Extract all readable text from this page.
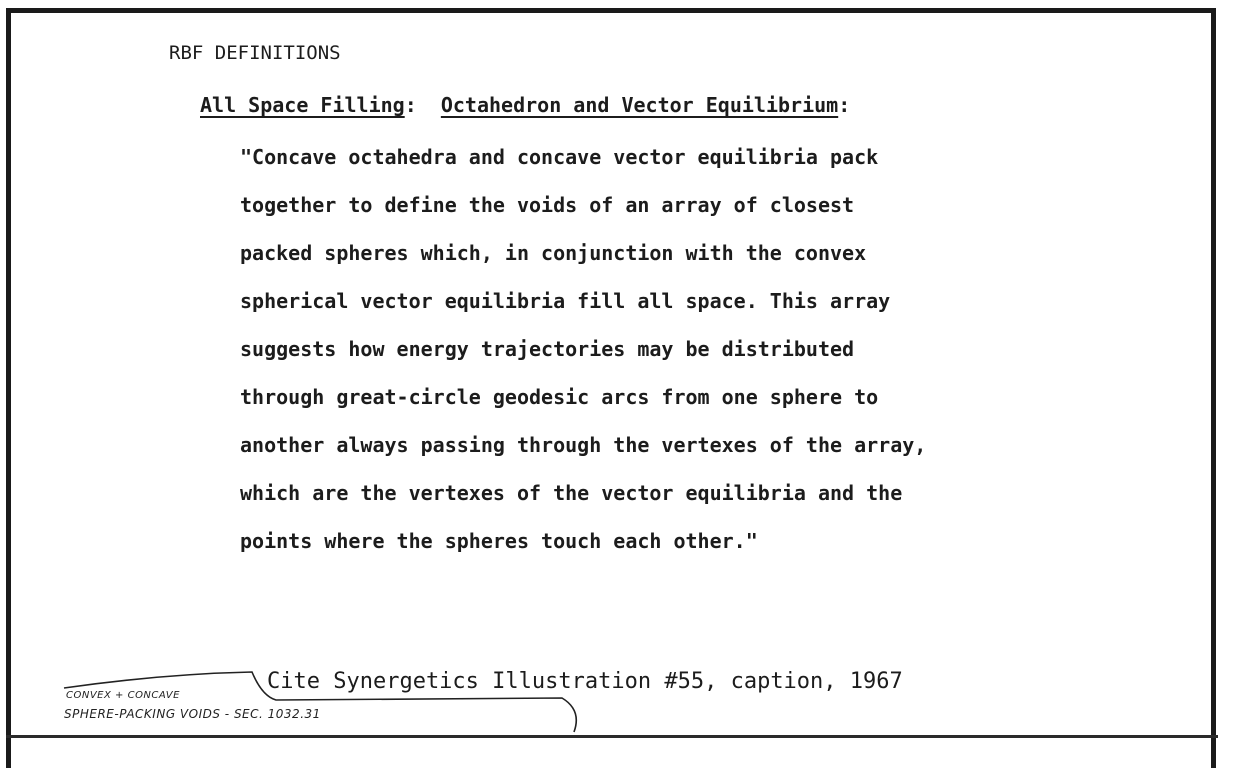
RBF DEFINITIONS
All Space Filling: Octahedron and Vector Equilibrium:
"Concave octahedra and concave vector equilibria pack
together to define the voids of an array of closest
packed spheres which, in conjunction with the convex
spherical vector equilibria fill all space. This array
suggests how energy trajectories may be distributed
through great-circle geodesic arcs from one sphere to
another always passing through the vertexes of the array,
which are the vertexes of the vector equilibria and the
points where the spheres touch each other."
Cite Synergetics Illustration #55, caption, 1967
CONVEX + CONCAVE
SPHERE-PACKING VOIDS - SEC. 1032.31
